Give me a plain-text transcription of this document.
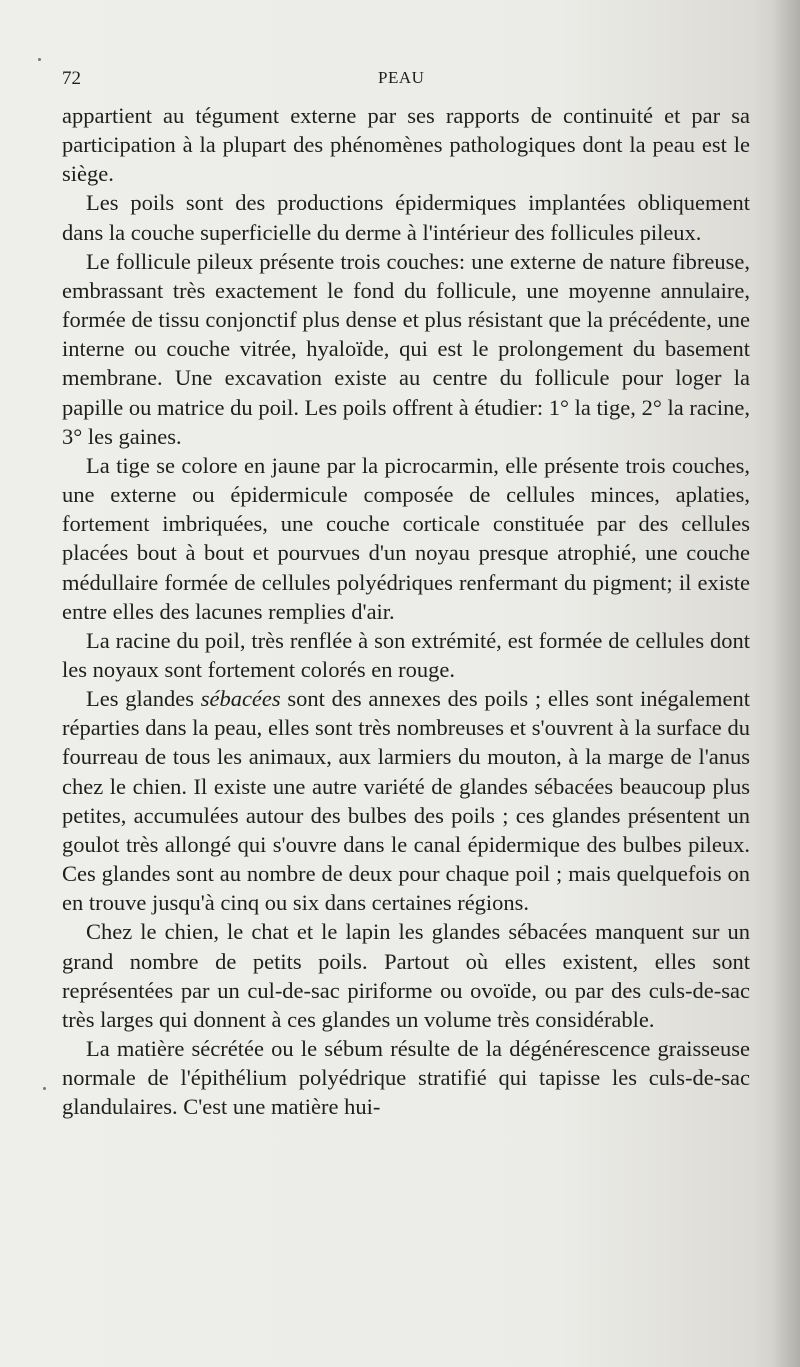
72	PEAU

appartient au tégument externe par ses rapports de continuité et par sa participation à la plupart des phénomènes pathologiques dont la peau est le siège.

Les poils sont des productions épidermiques implantées obliquement dans la couche superficielle du derme à l'intérieur des follicules pileux.

Le follicule pileux présente trois couches: une externe de nature fibreuse, embrassant très exactement le fond du follicule, une moyenne annulaire, formée de tissu conjonctif plus dense et plus résistant que la précédente, une interne ou couche vitrée, hyaloïde, qui est le prolongement du basement membrane. Une excavation existe au centre du follicule pour loger la papille ou matrice du poil. Les poils offrent à étudier: 1° la tige, 2° la racine, 3° les gaines.

La tige se colore en jaune par la picrocarmin, elle présente trois couches, une externe ou épidermicule composée de cellules minces, aplaties, fortement imbriquées, une couche corticale constituée par des cellules placées bout à bout et pourvues d'un noyau presque atrophié, une couche médullaire formée de cellules polyédriques renfermant du pigment; il existe entre elles des lacunes remplies d'air.

La racine du poil, très renflée à son extrémité, est formée de cellules dont les noyaux sont fortement colorés en rouge.

Les glandes sébacées sont des annexes des poils ; elles sont inégalement réparties dans la peau, elles sont très nombreuses et s'ouvrent à la surface du fourreau de tous les animaux, aux larmiers du mouton, à la marge de l'anus chez le chien. Il existe une autre variété de glandes sébacées beaucoup plus petites, accumulées autour des bulbes des poils ; ces glandes présentent un goulot très allongé qui s'ouvre dans le canal épidermique des bulbes pileux. Ces glandes sont au nombre de deux pour chaque poil ; mais quelquefois on en trouve jusqu'à cinq ou six dans certaines régions.

Chez le chien, le chat et le lapin les glandes sébacées manquent sur un grand nombre de petits poils. Partout où elles existent, elles sont représentées par un cul-de-sac piriforme ou ovoïde, ou par des culs-de-sac très larges qui donnent à ces glandes un volume très considérable.

La matière sécrétée ou le sébum résulte de la dégénérescence graisseuse normale de l'épithélium polyédrique stratifié qui tapisse les culs-de-sac glandulaires. C'est une matière hui-
